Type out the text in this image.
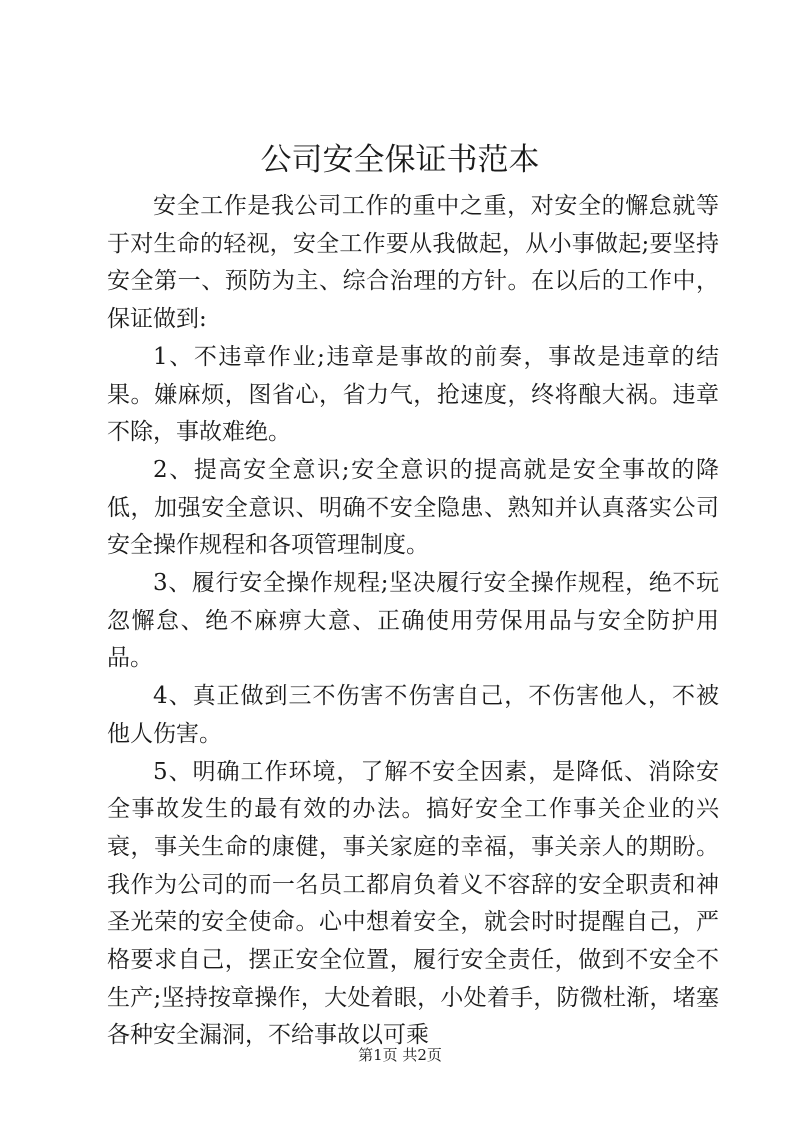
公司安全保证书范本

安全工作是我公司工作的重中之重，对安全的懈怠就等于对生命的轻视，安全工作要从我做起，从小事做起;要坚持安全第一、预防为主、综合治理的方针。在以后的工作中，保证做到:

1、不违章作业;违章是事故的前奏，事故是违章的结果。嫌麻烦，图省心，省力气，抢速度，终将酿大祸。违章不除，事故难绝。

2、提高安全意识;安全意识的提高就是安全事故的降低，加强安全意识、明确不安全隐患、熟知并认真落实公司安全操作规程和各项管理制度。

3、履行安全操作规程;坚决履行安全操作规程，绝不玩忽懈怠、绝不麻痹大意、正确使用劳保用品与安全防护用品。

4、真正做到三不伤害不伤害自己，不伤害他人，不被他人伤害。

5、明确工作环境，了解不安全因素，是降低、消除安全事故发生的最有效的办法。搞好安全工作事关企业的兴衰，事关生命的康健，事关家庭的幸福，事关亲人的期盼。我作为公司的而一名员工都肩负着义不容辞的安全职责和神圣光荣的安全使命。心中想着安全，就会时时提醒自己，严格要求自己，摆正安全位置，履行安全责任，做到不安全不生产;坚持按章操作，大处着眼，小处着手，防微杜渐，堵塞各种安全漏洞，不给事故以可乘

第1页 共2页
